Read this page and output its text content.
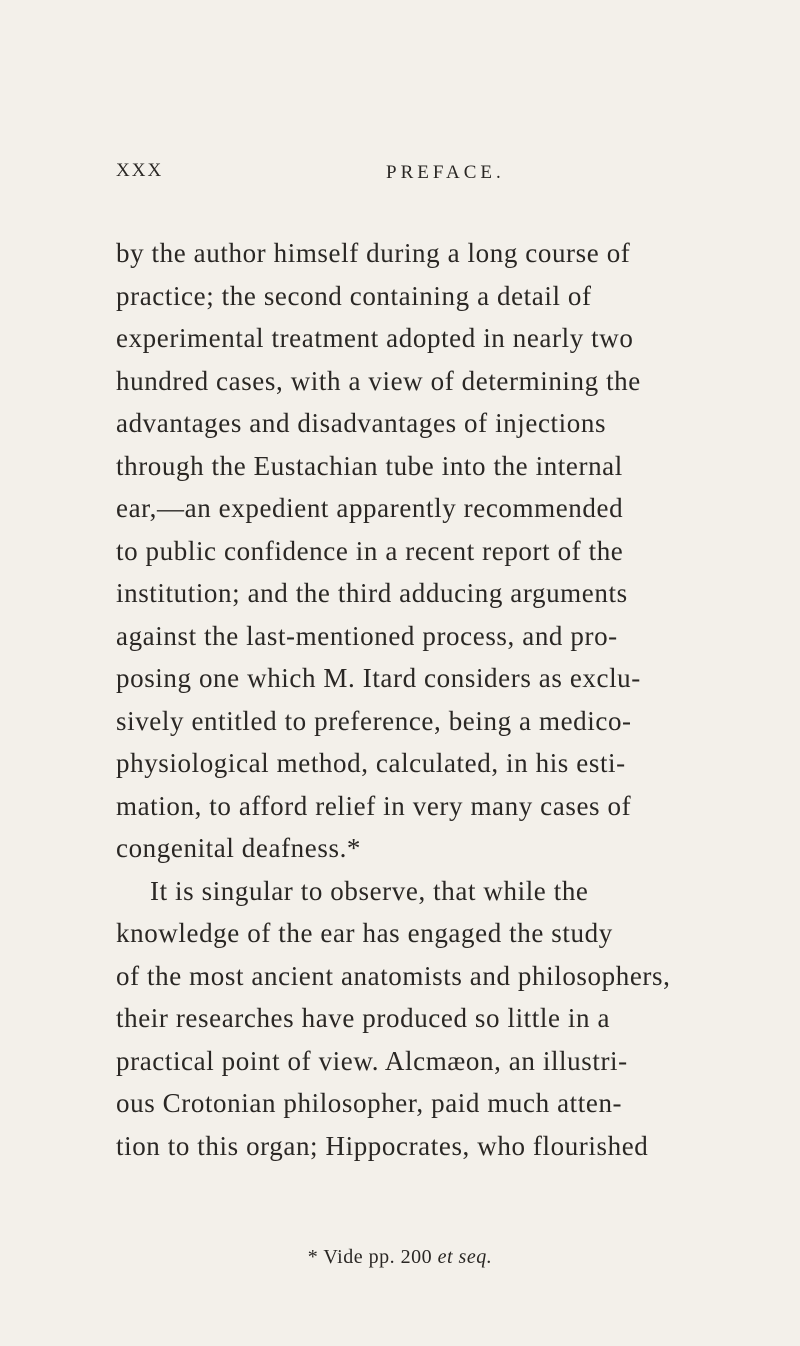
XXX	PREFACE.
by the author himself during a long course of
practice; the second containing a detail of
experimental treatment adopted in nearly two
hundred cases, with a view of determining the
advantages and disadvantages of injections
through the Eustachian tube into the internal
ear,—an expedient apparently recommended
to public confidence in a recent report of the
institution; and the third adducing arguments
against the last-mentioned process, and pro-
posing one which M. Itard considers as exclu-
sively entitled to preference, being a medico-
physiological method, calculated, in his esti-
mation, to afford relief in very many cases of
congenital deafness.*
It is singular to observe, that while the
knowledge of the ear has engaged the study
of the most ancient anatomists and philosophers,
their researches have produced so little in a
practical point of view. Alcmæon, an illustri-
ous Crotonian philosopher, paid much atten-
tion to this organ; Hippocrates, who flourished
* Vide pp. 200 et seq.
